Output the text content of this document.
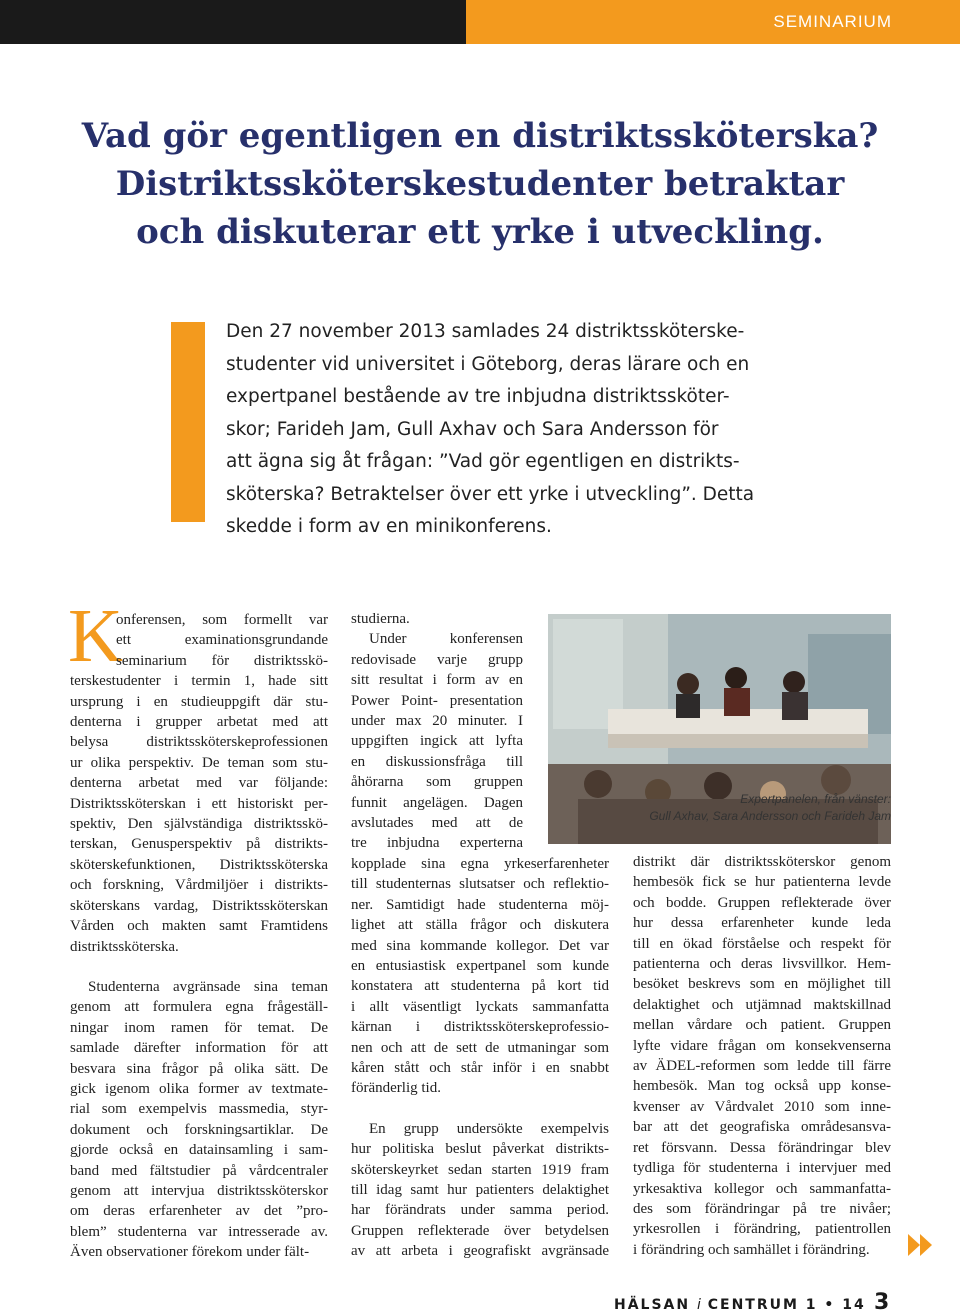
SEMINARIUM
Vad gör egentligen en distriktssköterska?
Distriktssköterskestudenter betraktar
och diskuterar ett yrke i utveckling.
Den 27 november 2013 samlades 24 distriktssköterske-
studenter vid universitet i Göteborg, deras lärare och en
expertpanel bestående av tre inbjudna distriktssköter-
skor; Farideh Jam, Gull Axhav och Sara Andersson för
att ägna sig åt frågan: ”Vad gör egentligen en distrikts-
sköterska? Betraktelser över ett yrke i utveckling”. Detta
skedde i form av en minikonferens.
K
onferensen, som formellt var
ett examinationsgrundande
seminarium för distriktsskö-
terskestudenter i termin 1, hade sitt
ursprung i en studieuppgift där stu-
denterna i grupper arbetat med att
belysa distriktssköterskeprofessionen
ur olika perspektiv. De teman som stu-
denterna arbetat med var följande:
Distriktssköterskan i ett historiskt per-
spektiv, Den självständiga distriktsskö-
terskan, Genusperspektiv på distrikts-
sköterskefunktionen, Distriktssköterska
och forskning, Vårdmiljöer i distrikts-
sköterskans vardag, Distriktssköterskan
Vården och makten samt Framtidens
distriktssköterska.
Studenterna avgränsade sina teman
genom att formulera egna frågeställ-
ningar inom ramen för temat. De
samlade därefter information för att
besvara sina frågor på olika sätt. De
gick igenom olika former av textmate-
rial som exempelvis massmedia, styr-
dokument och forskningsartiklar. De
gjorde också en datainsamling i sam-
band med fältstudier på vårdcentraler
genom att intervjua distriktssköterskor
om deras erfarenheter av det ”pro-
blem” studenterna var intresserade av.
Även observationer förekom under fält-
studierna.
Under konferensen
redovisade varje grupp
sitt resultat i form av en
Power Point- presentation
under max 20 minuter. I
uppgiften ingick att lyfta
en diskussionsfråga till
åhörarna som gruppen
funnit angelägen. Dagen
avslutades med att de
tre inbjudna experterna
kopplade sina egna yrkeserfarenheter
till studenternas slutsatser och reflektio-
ner. Samtidigt hade studenterna möj-
lighet att ställa frågor och diskutera
med sina kommande kollegor. Det var
en entusiastisk expertpanel som kunde
konstatera att studenterna på kort tid
i allt väsentligt lyckats sammanfatta
kärnan i distriktssköterskeprofessio-
nen och att de sett de utmaningar som
kåren stått och står inför i en snabbt
föränderlig tid.
En grupp undersökte exempelvis
hur politiska beslut påverkat distrikts-
sköterskeyrket sedan starten 1919 fram
till idag samt hur patienters delaktighet
har förändrats under samma period.
Gruppen reflekterade över betydelsen
av att arbeta i geografiskt avgränsade
Expertpanelen, från vänster:
Gull Axhav, Sara Andersson och Farideh Jam
distrikt där distriktssköterskor genom
hembesök fick se hur patienterna levde
och bodde. Gruppen reflekterade över
hur dessa erfarenheter kunde leda
till en ökad förståelse och respekt för
patienterna och deras livsvillkor. Hem-
besöket beskrevs som en möjlighet till
delaktighet och utjämnad maktskillnad
mellan vårdare och patient. Gruppen
lyfte vidare frågan om konsekvenserna
av ÄDEL-reformen som ledde till färre
hembesök. Man tog också upp konse-
kvenser av Vårdvalet 2010 som inne-
bar att det geografiska områdesansva-
ret försvann. Dessa förändringar blev
tydliga för studenterna i intervjuer med
yrkesaktiva kollegor och sammanfatta-
des som förändringar på tre nivåer;
yrkesrollen i förändring, patientrollen
i förändring och samhället i förändring.
HÄLSAN i CENTRUM 1 • 14 3
